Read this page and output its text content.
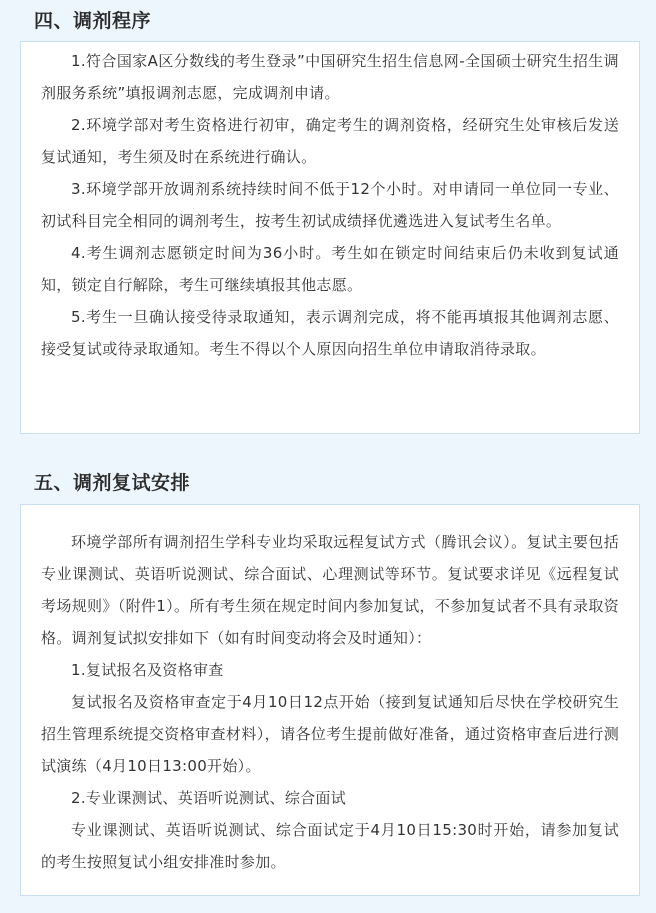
四、调剂程序

1.符合国家A区分数线的考生登录”中国研究生招生信息网-全国硕士研究生招生调剂服务系统”填报调剂志愿，完成调剂申请。

2.环境学部对考生资格进行初审，确定考生的调剂资格，经研究生处审核后发送复试通知，考生须及时在系统进行确认。

3.环境学部开放调剂系统持续时间不低于12个小时。对申请同一单位同一专业、初试科目完全相同的调剂考生，按考生初试成绩择优遴选进入复试考生名单。

4.考生调剂志愿锁定时间为36小时。考生如在锁定时间结束后仍未收到复试通知，锁定自行解除，考生可继续填报其他志愿。

5.考生一旦确认接受待录取通知，表示调剂完成，将不能再填报其他调剂志愿、接受复试或待录取通知。考生不得以个人原因向招生单位申请取消待录取。

五、调剂复试安排

环境学部所有调剂招生学科专业均采取远程复试方式（腾讯会议）。复试主要包括专业课测试、英语听说测试、综合面试、心理测试等环节。复试要求详见《远程复试考场规则》（附件1）。所有考生须在规定时间内参加复试，不参加复试者不具有录取资格。调剂复试拟安排如下（如有时间变动将会及时通知）：

1.复试报名及资格审查

复试报名及资格审查定于4月10日12点开始（接到复试通知后尽快在学校研究生招生管理系统提交资格审查材料），请各位考生提前做好准备，通过资格审查后进行测试演练（4月10日13:00开始）。

2.专业课测试、英语听说测试、综合面试

专业课测试、英语听说测试、综合面试定于4月10日15:30时开始，请参加复试的考生按照复试小组安排准时参加。
